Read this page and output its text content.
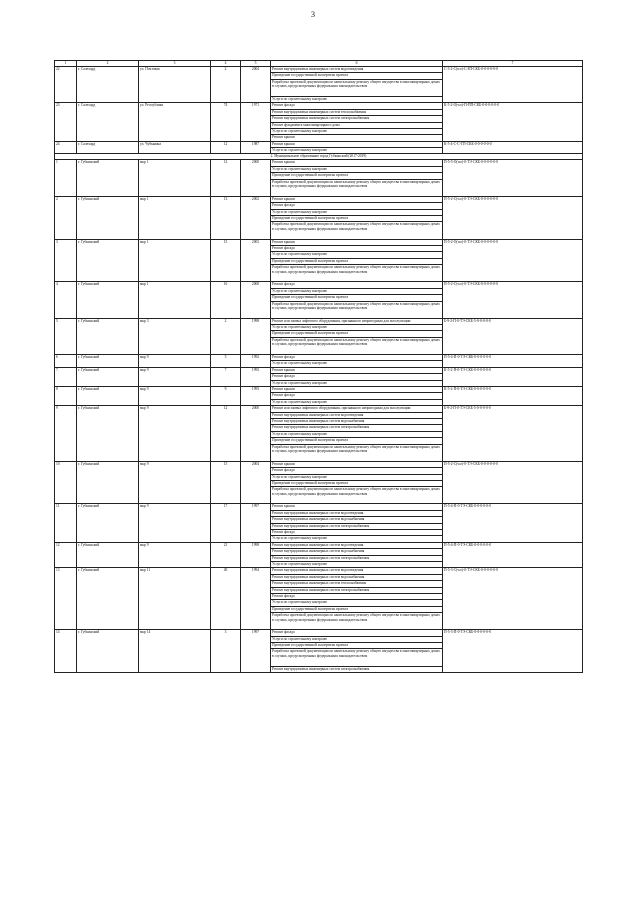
3
1	2	3	4	5	6	7
22	г. Салехард	ул. Почтовая	2	2004	Ремонт внутридомовых инженерных систем водоотведения	С-3-2-С(wo)-С-ЗП-СКБ-0-0-0-0-0-0
					Проведение государственной экспертизы проекта	
					Разработка проектной документации по капитальному ремонту общего имущества в многоквартирных домах в случаях, предусмотренных федеральным законодательством	
					Услуги по строительному контролю	
23	г. Салехард	ул. Республики	74	1971	Ремонт фасада	К-5-2-О(wo)-П-ПП-СКБ-0-0-0-0-0-0
					Ремонт внутридомовых инженерных систем теплоснабжения	
					Ремонт внутридомовых инженерных систем электроснабжения	
					Ремонт фундамента многоквартирного дома	
					Услуги по строительному контролю	
					Ремонт крыши	
24	г. Салехард	ул. Чубынина	12	1987	Ремонт крыши	К-5-4-С-С-ТП-СКБ-0-0-0-0-0-0
					Услуги по строительному контролю	
2. Муниципальное образование город Губкинский (2017-2019)						
1	г. Губкинский	мкр 1	12	2000	Ремонт крыши	П-5-5-О(wo)-0-ТЭ-СКБ-0-0-0-0-0-0
					Услуги по строительному контролю	
					Проведение государственной экспертизы проекта	
					Разработка проектной документации по капитальному ремонту общего имущества в многоквартирных домах в случаях, предусмотренных федеральным законодательством	
2	г. Губкинский	мкр 1	13	2002	Ремонт крыши	П-5-2-С(wo)-0-ТЭ-СКБ-0-0-0-0-0-0
					Ремонт фасада	
					Услуги по строительному контролю	
					Проведение государственной экспертизы проекта	
					Разработка проектной документации по капитальному ремонту общего имущества в многоквартирных домах в случаях, предусмотренных федеральным законодательством	
3	г. Губкинский	мкр 1	15	2003	Ремонт крыши	П-5-2-О(wo)-0-ТЭ-СКБ-0-0-0-0-0-0
					Ремонт фасада	
					Услуги по строительному контролю	
					Проведение государственной экспертизы проекта	
					Разработка проектной документации по капитальному ремонту общего имущества в многоквартирных домах в случаях, предусмотренных федеральным законодательством	
4	г. Губкинский	мкр 1	16	2000	Ремонт фасада	П-5-2-С(wo)-0-ТЭ-СКБ-0-0-0-0-0-0
					Услуги по строительному контролю	
					Проведение государственной экспертизы проекта	
					Разработка проектной документации по капитальному ремонту общего имущества в многоквартирных домах в случаях, предусмотренных федеральным законодательством	
5	г. Губкинский	мкр 3	2	1998	Ремонт или замена лифтового оборудования, признанного непригодным для эксплуатации	Б-9-2-П-0-ТЭ-СКБ-5-0-0-0-0-0
					Услуги по строительному контролю	
					Проведение государственной экспертизы проекта	
					Разработка проектной документации по капитальному ремонту общего имущества в многоквартирных домах в случаях, предусмотренных федеральным законодательством	
6	г. Губкинский	мкр 9	5	1992	Ремонт фасада	П-5-4-П-0-ТЭ-СКБ-0-0-0-0-0-0
					Услуги по строительному контролю	
7	г. Губкинский	мкр 9	7	1993	Ремонт крыши	К-5-2-П-0-ТЭ-СКБ-0-0-0-0-0-0
					Ремонт фасада	
					Услуги по строительному контролю	
8	г. Губкинский	мкр 9	9	1993	Ремонт крыши	К-5-2-П-0-ТЭ-СКБ-0-0-0-0-0-0
					Ремонт фасада	
					Услуги по строительному контролю	
9	г. Губкинский	мкр 9	12	2000	Ремонт или замена лифтового оборудования, признанного непригодным для эксплуатации	Б-9-2-П-0-ТЭ-СКБ-5-0-0-0-0-0
					Ремонт внутридомовых инженерных систем водоотведения	
					Ремонт внутридомовых инженерных систем водоснабжения	
					Ремонт внутридомовых инженерных систем электроснабжения	
					Услуги по строительному контролю	
					Проведение государственной экспертизы проекта	
					Разработка проектной документации по капитальному ремонту общего имущества в многоквартирных домах в случаях, предусмотренных федеральным законодательством	
10	г. Губкинский	мкр 9	15	2004	Ремонт крыши	П-5-2-С(wo)-0-ТЭ-СКБ-0-0-0-0-0-0
					Ремонт фасада	
					Услуги по строительному контролю	
					Проведение государственной экспертизы проекта	
					Разработка проектной документации по капитальному ремонту общего имущества в многоквартирных домах в случаях, предусмотренных федеральным законодательством	
11	г. Губкинский	мкр 9	17	1997	Ремонт крыши	П-5-4-П-0-ТЭ-СКБ-0-0-0-0-0-0
					Ремонт внутридомовых инженерных систем водоотведения	
					Ремонт внутридомовых инженерных систем водоснабжения	
					Ремонт внутридомовых инженерных систем электроснабжения	
					Ремонт фасада	
					Услуги по строительному контролю	
12	г. Губкинский	мкр 9	21	1998	Ремонт внутридомовых инженерных систем водоотведения	П-5-4-П-0-ТЭ-СКБ-0-0-0-0-0-0
					Ремонт внутридомовых инженерных систем водоснабжения	
					Ремонт внутридомовых инженерных систем электроснабжения	
					Услуги по строительному контролю	
13	г. Губкинский	мкр 11	49	1994	Ремонт внутридомовых инженерных систем водоотведения	П-5-3-С(wo)-0-ТЭ-СКБ-0-0-0-0-0-0
					Ремонт внутридомовых инженерных систем водоснабжения	
					Ремонт внутридомовых инженерных систем теплоснабжения	
					Ремонт внутридомовых инженерных систем электроснабжения	
					Ремонт фасада	
					Услуги по строительному контролю	
					Проведение государственной экспертизы проекта	
					Разработка проектной документации по капитальному ремонту общего имущества в многоквартирных домах в случаях, предусмотренных федеральным законодательством	
14	г. Губкинский	мкр 14	3	1997	Ремонт фасада	П-5-3-П-0-ТЭ-СКБ-0-0-0-0-0-0
					Услуги по строительному контролю	
					Проведение государственной экспертизы проекта	
					Разработка проектной документации по капитальному ремонту общего имущества в многоквартирных домах в случаях, предусмотренных федеральным законодательством	
					Ремонт внутридомовых инженерных систем электроснабжения	
